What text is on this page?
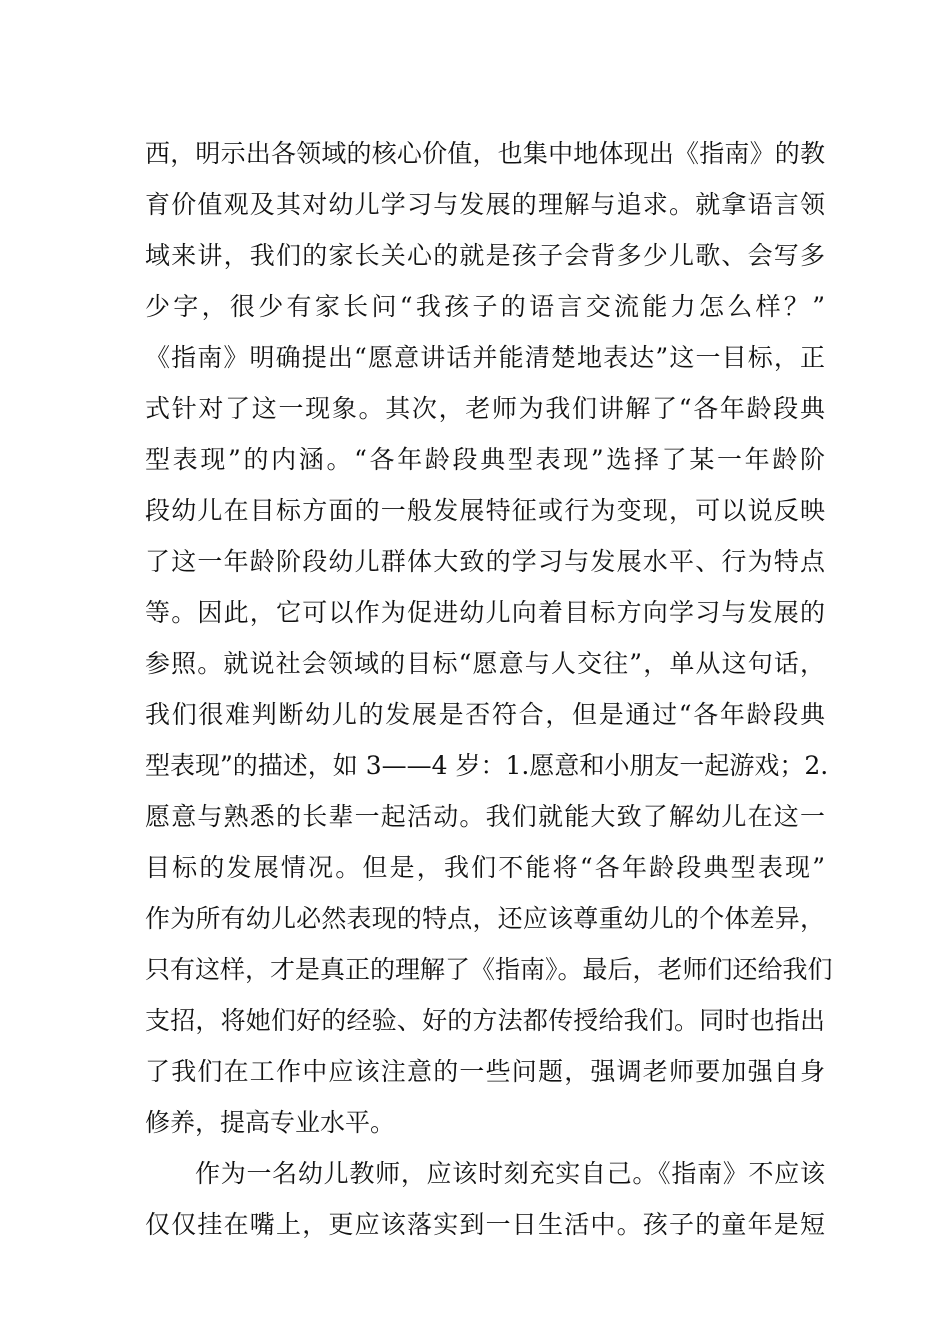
西，明示出各领域的核心价值，也集中地体现出《指南》的教
育价值观及其对幼儿学习与发展的理解与追求。就拿语言领
域来讲，我们的家长关心的就是孩子会背多少儿歌、会写多
少字，很少有家长问“我孩子的语言交流能力怎么样？”
《指南》明确提出“愿意讲话并能清楚地表达”这一目标，正
式针对了这一现象。其次，老师为我们讲解了“各年龄段典
型表现”的内涵。“各年龄段典型表现”选择了某一年龄阶
段幼儿在目标方面的一般发展特征或行为变现，可以说反映
了这一年龄阶段幼儿群体大致的学习与发展水平、行为特点
等。因此，它可以作为促进幼儿向着目标方向学习与发展的
参照。就说社会领域的目标“愿意与人交往”，单从这句话，
我们很难判断幼儿的发展是否符合，但是通过“各年龄段典
型表现”的描述，如 3——4 岁：1.愿意和小朋友一起游戏；2.
愿意与熟悉的长辈一起活动。我们就能大致了解幼儿在这一
目标的发展情况。但是，我们不能将“各年龄段典型表现”
作为所有幼儿必然表现的特点，还应该尊重幼儿的个体差异，
只有这样，才是真正的理解了《指南》。最后，老师们还给我们
支招，将她们好的经验、好的方法都传授给我们。同时也指出
了我们在工作中应该注意的一些问题，强调老师要加强自身
修养，提高专业水平。
作为一名幼儿教师，应该时刻充实自己。《指南》不应该
仅仅挂在嘴上，更应该落实到一日生活中。孩子的童年是短
